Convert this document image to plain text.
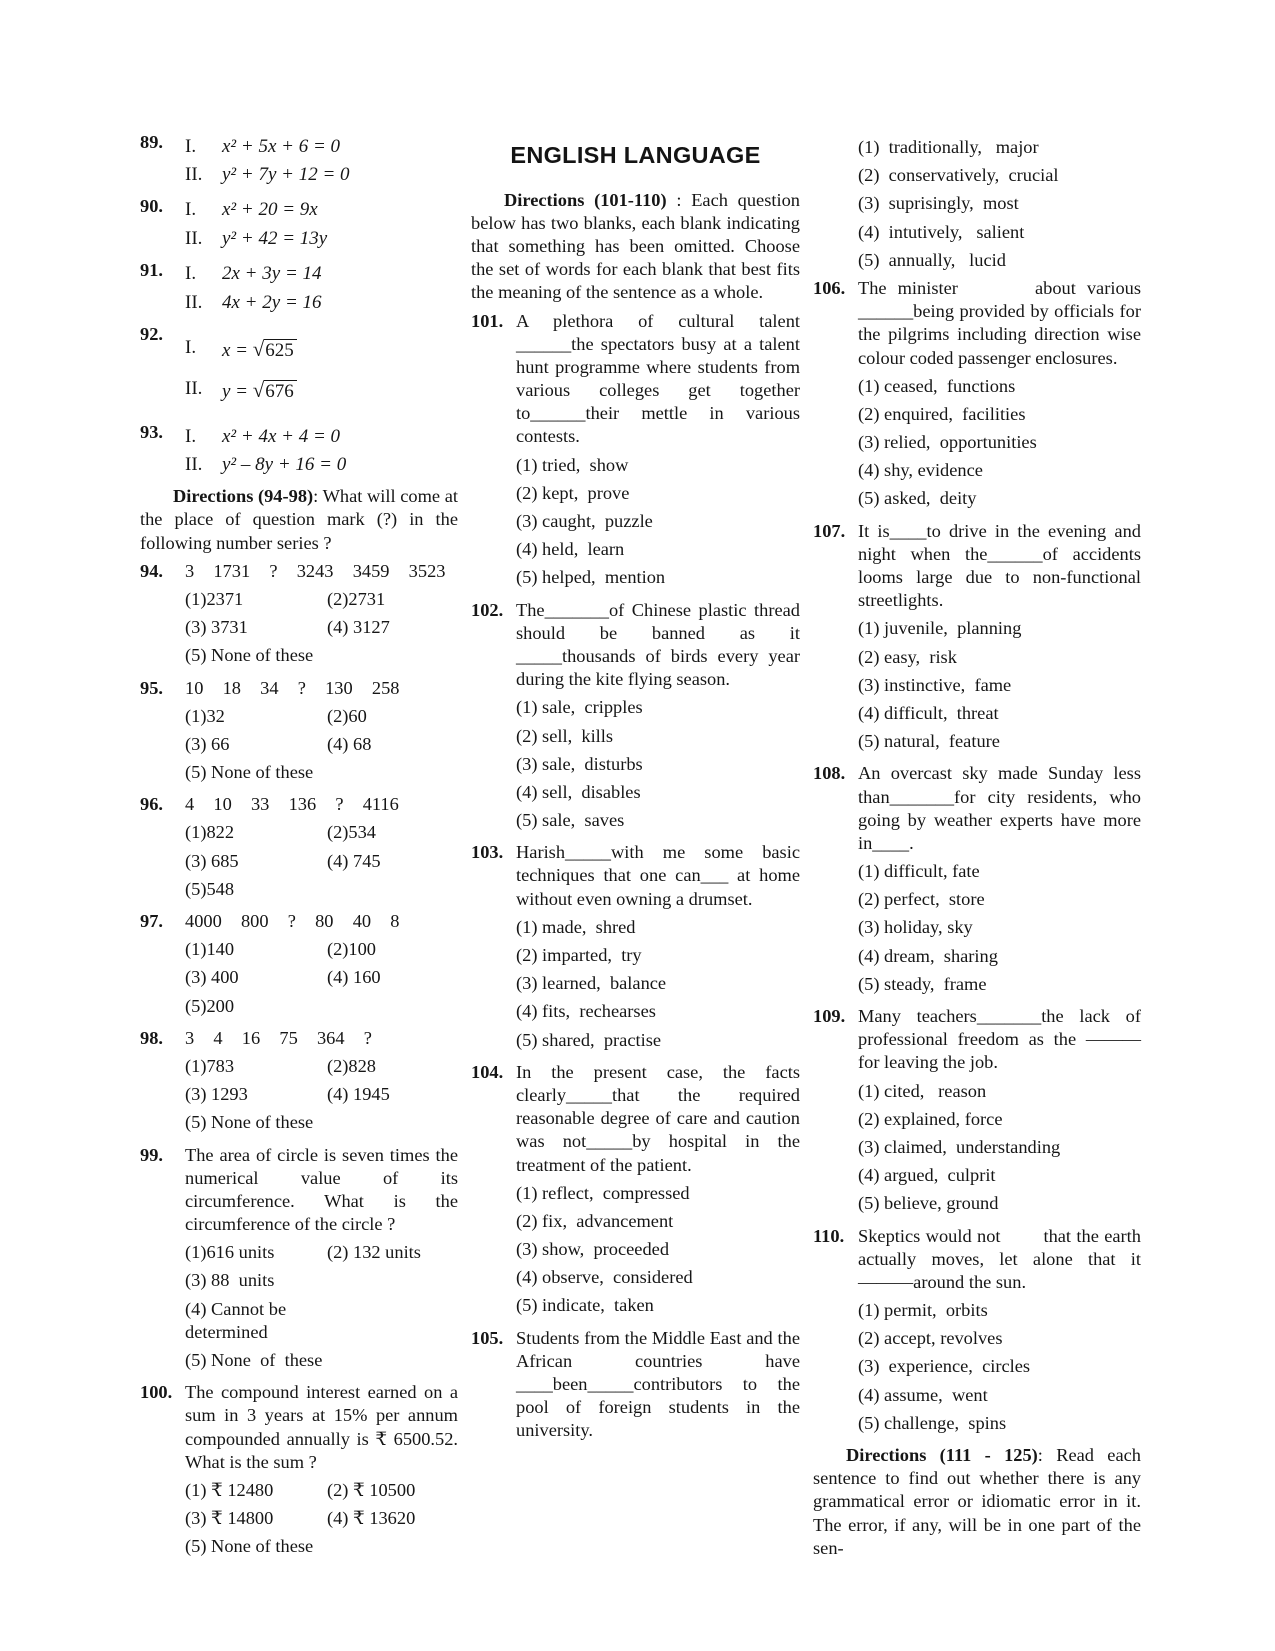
89.	I.	x² + 5x + 6 = 0
II.	y² + 7y + 12 = 0
90.	I.	x² + 20 = 9x
II.	y² + 42 = 13y
91.	I.	2x + 3y = 14
II.	4x + 2y = 16
92.
I.	x = √625
II.	y = √676
93.	I.	x² + 4x + 4 = 0
II.	y² – 8y + 16 = 0

Directions (94-98): What will come at the place of question mark (?) in the following number series ?

94.	3  1731  ?  3243  3459  3523
(1)2371	(2)2731
(3) 3731	(4) 3127
(5) None of these
95.	10  18  34  ?  130  258
(1)32	(2)60
(3) 66	(4) 68
(5) None of these
96.	4  10  33  136  ?  4116
(1)822	(2)534
(3) 685	(4) 745
(5)548
97.	4000  800  ?  80  40  8
(1)140	(2)100
(3) 400	(4) 160
(5)200
98.	3  4  16  75  364  ?
(1)783	(2)828
(3) 1293	(4) 1945
(5) None of these
99.	The area of circle is seven times the numerical value of its circumference. What is the circumference of the circle ?
(1)616 units	(2) 132 units
(3) 88  units
(4) Cannot be  determined
(5) None  of  these
100. The compound interest earned on a sum in 3 years at 15% per annum compounded annually is ₹ 6500.52. What is the sum ?
(1) ₹ 12480	(2) ₹ 10500
(3) ₹ 14800	(4) ₹ 13620
(5) None of these
ENGLISH LANGUAGE

Directions (101-110) : Each question below has two blanks, each blank indicating that something has been omitted. Choose the set of words for each blank that best fits the meaning of the sentence as a whole.

101. A plethora of cultural talent ______the spectators busy at a talent hunt programme where students from various colleges get together to______their mettle in various contests.
(1) tried,  show
(2) kept,  prove
(3) caught,  puzzle
(4) held,  learn
(5) helped,  mention
102. The_______of Chinese plastic thread should be banned as it _____thousands of birds every year during the kite flying season.
(1) sale,  cripples
(2) sell,  kills
(3) sale,  disturbs
(4) sell,  disables
(5) sale,  saves
103. Harish_____with me some basic techniques that one can___ at home without even owning a drumset.
(1) made,  shred
(2) imparted,  try
(3) learned,  balance
(4) fits,  rechearses
(5) shared,  practise
104. In the present case, the facts clearly_____that the required reasonable degree of care and caution was not_____by hospital in the treatment of the patient.
(1) reflect,  compressed
(2) fix,  advancement
(3) show,  proceeded
(4) observe,  considered
(5) indicate,  taken
105. Students from the Middle East and the African countries have ____been_____contributors to the pool of foreign students in the university.
(1)  traditionally,   major
(2)  conservatively,  crucial
(3)  suprisingly,  most
(4)  intutively,   salient
(5)  annually,   lucid
106. The minister       about various ______being provided by officials for the pilgrims including direction wise colour coded passenger enclosures.
(1) ceased,  functions
(2) enquired,  facilities
(3) relied,  opportunities
(4) shy, evidence
(5) asked,  deity
107. It is____to drive in the evening and night when the______of accidents looms large due to non-functional streetlights.
(1) juvenile,  planning
(2) easy,  risk
(3) instinctive,  fame
(4) difficult,  threat
(5) natural,  feature
108. An overcast sky made Sunday less than_______for city residents, who going by weather experts have more in____.
(1) difficult, fate
(2) perfect,  store
(3) holiday, sky
(4) dream,  sharing
(5) steady,  frame
109. Many teachers_______the lack of professional freedom as the ———for leaving the job.
(1) cited,   reason
(2) explained, force
(3) claimed,  understanding
(4) argued,  culprit
(5) believe, ground
110. Skeptics would not        that the earth actually moves, let alone that it———around the sun.
(1) permit,  orbits
(2) accept, revolves
(3)  experience,  circles
(4) assume,  went
(5) challenge,  spins

Directions (111 - 125): Read each sentence to find out whether there is any grammatical error or idiomatic error in it. The error, if any, will be in one part of the sen-
